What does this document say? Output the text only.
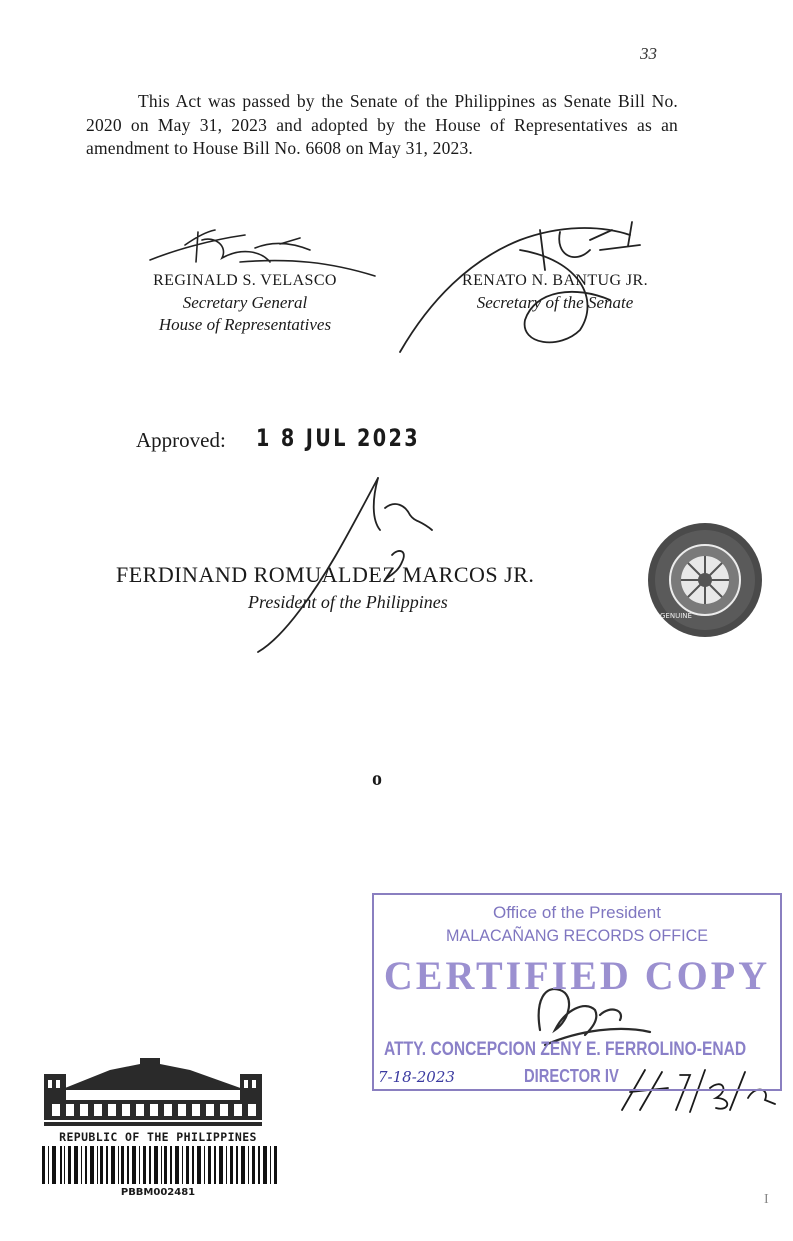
33
This Act was passed by the Senate of the Philippines as Senate Bill No. 2020 on May 31, 2023 and adopted by the House of Representatives as an amendment to House Bill No. 6608 on May 31, 2023.
REGINALD S. VELASCO
Secretary General
House of Representatives
RENATO N. BANTUG JR.
Secretary of the Senate
Approved: 1 8 JUL 2023
FERDINAND ROMUALDEZ MARCOS JR.
President of the Philippines
o
GENUINE
Office of the President
MALACAÑANG RECORDS OFFICE
CERTIFIED COPY
ATTY. CONCEPCION ZENY E. FERROLINO-ENAD
7-18-2023	DIRECTOR IV
REPUBLIC OF THE PHILIPPINES
PBBM002481	I
